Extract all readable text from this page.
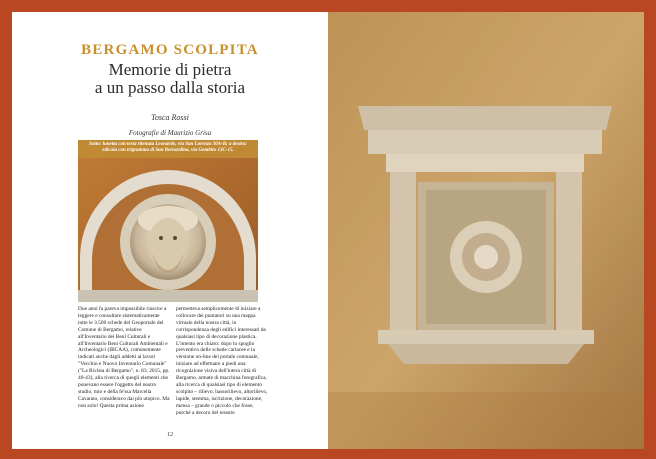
BERGAMO SCOLPITA
Memorie di pietra
a un passo dalla storia
Tosca Rossi
Fotografie di Maurizio Grisa
Sotto: lunetta con testa ritenuta Leonardo, via San Lorenzo 30A-B; a destra: edicola con trigramma di San Bernardino, via Gombito 13C-15.
Due anni fa pareva impossibile riuscire a leggere e consultare sistematicamente tutte le 3.500 schede del Geoportale del Comune di Bergamo, relative all'Inventario dei Beni Culturali e all'Inventario Beni Culturali Ambientali e Archeologici (IBCAA), comunemente indicati anche dagli addetti ai lavori "Vecchio e Nuovo Inventario Comunale" ("La Rivista di Bergamo", n. 83, 2015, pp. 40-43), alla ricerca di quegli elementi che ponevano essere l'oggetto del nostro studio, mio e della fe'ssa Marcella Cavanno, consideravo dai più utopico. Ma non solo! Questa prima azione
permetteva semplicemente di iniziare a collocare dei puntatori su una mappa virtuale della nostra città, in corrispondenza degli edifici interessati da qualsiasi tipo di decorazione plastica. L'intento era chiaro: dopo lo spoglio preventivo delle schede cartacee e la versione on-line del portale comunale, iniziare ad effettuare a piedi una ricognizione visiva dell'intera città di Bergamo, armate di macchina fotografica, alla ricerca di qualsiasi tipo di elemento scolpito – rilievo, bassorilievo, altorilievo, lapide, stemma, iscrizione, decorazione, mensa – grande o piccolo che fosse, purché a decoro del tessuto
12
